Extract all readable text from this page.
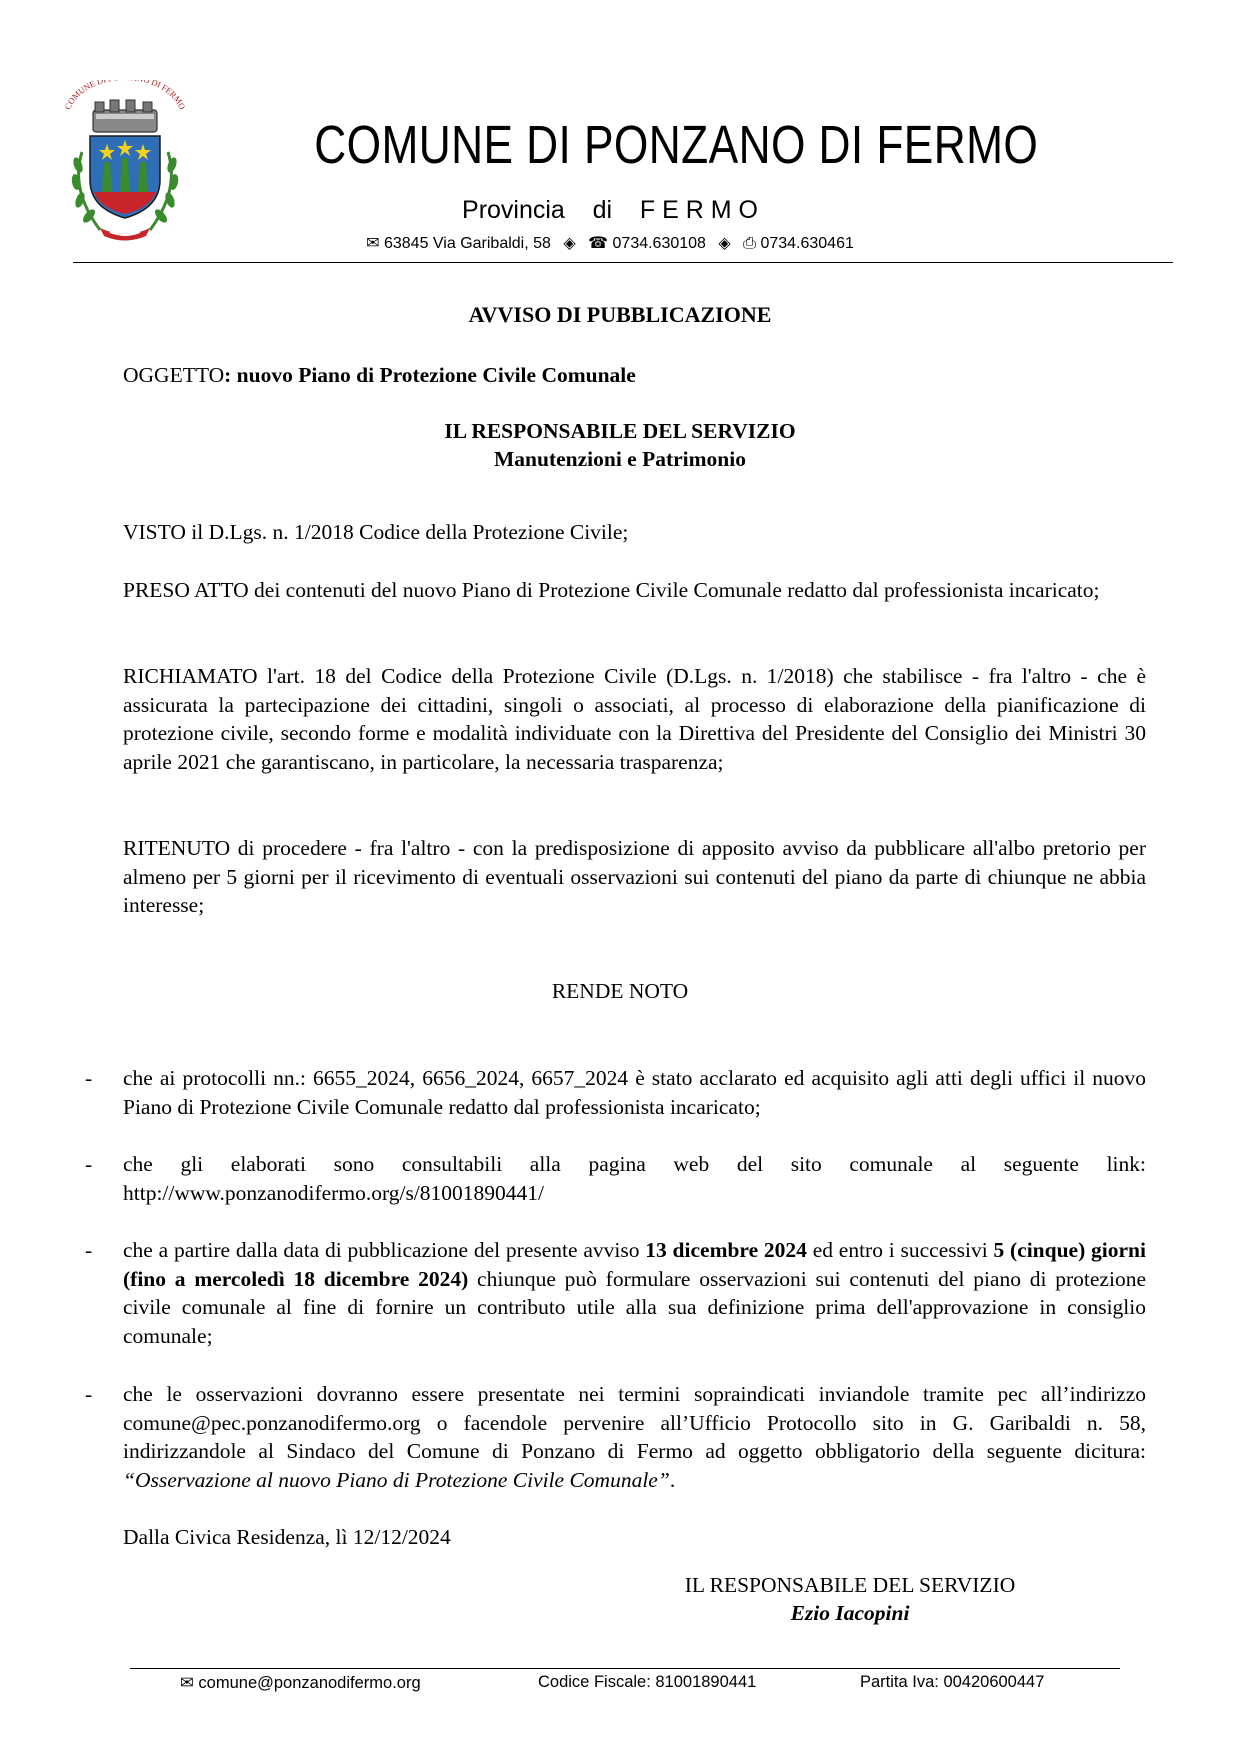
COMUNE D DI FERMO
COMUNE DI PONZANO DI FERMO
Provincia di F E R M O
✉ 63845 Via Garibaldi, 58 ◈ ☎ 0734.630108 ◈ ⎙ 0734.630461
AVVISO DI PUBBLICAZIONE
OGGETTO: nuovo Piano di Protezione Civile Comunale
IL RESPONSABILE DEL SERVIZIO
Manutenzioni e Patrimonio
VISTO il D.Lgs. n. 1/2018 Codice della Protezione Civile;
PRESO ATTO dei contenuti del nuovo Piano di Protezione Civile Comunale redatto dal professionista incaricato;
RICHIAMATO l'art. 18 del Codice della Protezione Civile (D.Lgs. n. 1/2018) che stabilisce - fra l'altro - che è assicurata la partecipazione dei cittadini, singoli o associati, al processo di elaborazione della pianificazione di protezione civile, secondo forme e modalità individuate con la Direttiva del Presidente del Consiglio dei Ministri 30 aprile 2021 che garantiscano, in particolare, la necessaria trasparenza;
RITENUTO di procedere - fra l'altro - con la predisposizione di apposito avviso da pubblicare all'albo pretorio per almeno per 5 giorni per il ricevimento di eventuali osservazioni sui contenuti del piano da parte di chiunque ne abbia interesse;
RENDE NOTO
- che ai protocolli nn.: 6655_2024, 6656_2024, 6657_2024 è stato acclarato ed acquisito agli atti degli uffici il nuovo Piano di Protezione Civile Comunale redatto dal professionista incaricato;
- che gli elaborati sono consultabili alla pagina web del sito comunale al seguente link: http://www.ponzanodifermo.org/s/81001890441/
- che a partire dalla data di pubblicazione del presente avviso 13 dicembre 2024 ed entro i successivi 5 (cinque) giorni (fino a mercoledì 18 dicembre 2024) chiunque può formulare osservazioni sui contenuti del piano di protezione civile comunale al fine di fornire un contributo utile alla sua definizione prima dell'approvazione in consiglio comunale;
- che le osservazioni dovranno essere presentate nei termini sopraindicati inviandole tramite pec all’indirizzo comune@pec.ponzanodifermo.org o facendole pervenire all’Ufficio Protocollo sito in G. Garibaldi n. 58, indirizzandole al Sindaco del Comune di Ponzano di Fermo ad oggetto obbligatorio della seguente dicitura: “Osservazione al nuovo Piano di Protezione Civile Comunale”.
Dalla Civica Residenza, lì 12/12/2024
IL RESPONSABILE DEL SERVIZIO
Ezio Iacopini
✉ comune@ponzanodifermo.org	Codice Fiscale: 81001890441	Partita Iva: 00420600447
